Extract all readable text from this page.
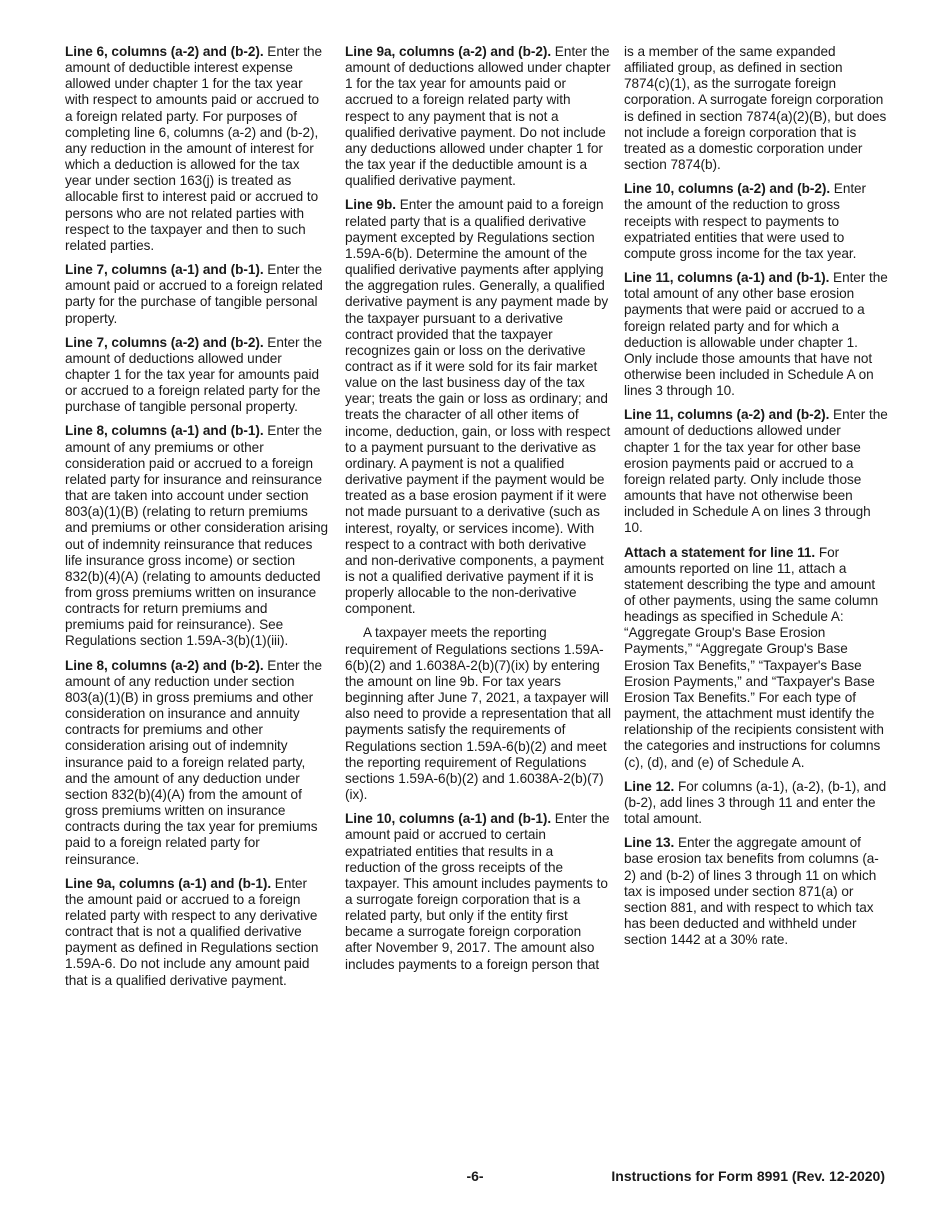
Line 6, columns (a-2) and (b-2). Enter the amount of deductible interest expense allowed under chapter 1 for the tax year with respect to amounts paid or accrued to a foreign related party. For purposes of completing line 6, columns (a-2) and (b-2), any reduction in the amount of interest for which a deduction is allowed for the tax year under section 163(j) is treated as allocable first to interest paid or accrued to persons who are not related parties with respect to the taxpayer and then to such related parties.

Line 7, columns (a-1) and (b-1). Enter the amount paid or accrued to a foreign related party for the purchase of tangible personal property.

Line 7, columns (a-2) and (b-2). Enter the amount of deductions allowed under chapter 1 for the tax year for amounts paid or accrued to a foreign related party for the purchase of tangible personal property.

Line 8, columns (a-1) and (b-1). Enter the amount of any premiums or other consideration paid or accrued to a foreign related party for insurance and reinsurance that are taken into account under section 803(a)(1)(B) (relating to return premiums and premiums or other consideration arising out of indemnity reinsurance that reduces life insurance gross income) or section 832(b)(4)(A) (relating to amounts deducted from gross premiums written on insurance contracts for return premiums and premiums paid for reinsurance). See Regulations section 1.59A-3(b)(1)(iii).

Line 8, columns (a-2) and (b-2). Enter the amount of any reduction under section 803(a)(1)(B) in gross premiums and other consideration on insurance and annuity contracts for premiums and other consideration arising out of indemnity insurance paid to a foreign related party, and the amount of any deduction under section 832(b)(4)(A) from the amount of gross premiums written on insurance contracts during the tax year for premiums paid to a foreign related party for reinsurance.

Line 9a, columns (a-1) and (b-1). Enter the amount paid or accrued to a foreign related party with respect to any derivative contract that is not a qualified derivative payment as defined in Regulations section 1.59A-6. Do not include any amount paid that is a qualified derivative payment.

Line 9a, columns (a-2) and (b-2). Enter the amount of deductions allowed under chapter 1 for the tax year for amounts paid or accrued to a foreign related party with respect to any payment that is not a qualified derivative payment. Do not include any deductions allowed under chapter 1 for the tax year if the deductible amount is a qualified derivative payment.

Line 9b. Enter the amount paid to a foreign related party that is a qualified derivative payment excepted by Regulations section 1.59A-6(b). Determine the amount of the qualified derivative payments after applying the aggregation rules. Generally, a qualified derivative payment is any payment made by the taxpayer pursuant to a derivative contract provided that the taxpayer recognizes gain or loss on the derivative contract as if it were sold for its fair market value on the last business day of the tax year; treats the gain or loss as ordinary; and treats the character of all other items of income, deduction, gain, or loss with respect to a payment pursuant to the derivative as ordinary. A payment is not a qualified derivative payment if the payment would be treated as a base erosion payment if it were not made pursuant to a derivative (such as interest, royalty, or services income). With respect to a contract with both derivative and non-derivative components, a payment is not a qualified derivative payment if it is properly allocable to the non-derivative component.

A taxpayer meets the reporting requirement of Regulations sections 1.59A-6(b)(2) and 1.6038A-2(b)(7)(ix) by entering the amount on line 9b. For tax years beginning after June 7, 2021, a taxpayer will also need to provide a representation that all payments satisfy the requirements of Regulations section 1.59A-6(b)(2) and meet the reporting requirement of Regulations sections 1.59A-6(b)(2) and 1.6038A-2(b)(7)(ix).

Line 10, columns (a-1) and (b-1). Enter the amount paid or accrued to certain expatriated entities that results in a reduction of the gross receipts of the taxpayer. This amount includes payments to a surrogate foreign corporation that is a related party, but only if the entity first became a surrogate foreign corporation after November 9, 2017. The amount also includes payments to a foreign person that

is a member of the same expanded affiliated group, as defined in section 7874(c)(1), as the surrogate foreign corporation. A surrogate foreign corporation is defined in section 7874(a)(2)(B), but does not include a foreign corporation that is treated as a domestic corporation under section 7874(b).

Line 10, columns (a-2) and (b-2). Enter the amount of the reduction to gross receipts with respect to payments to expatriated entities that were used to compute gross income for the tax year.

Line 11, columns (a-1) and (b-1). Enter the total amount of any other base erosion payments that were paid or accrued to a foreign related party and for which a deduction is allowable under chapter 1. Only include those amounts that have not otherwise been included in Schedule A on lines 3 through 10.

Line 11, columns (a-2) and (b-2). Enter the amount of deductions allowed under chapter 1 for the tax year for other base erosion payments paid or accrued to a foreign related party. Only include those amounts that have not otherwise been included in Schedule A on lines 3 through 10.

Attach a statement for line 11. For amounts reported on line 11, attach a statement describing the type and amount of other payments, using the same column headings as specified in Schedule A: “Aggregate Group's Base Erosion Payments,” “Aggregate Group's Base Erosion Tax Benefits,” “Taxpayer's Base Erosion Payments,” and “Taxpayer's Base Erosion Tax Benefits.” For each type of payment, the attachment must identify the relationship of the recipients consistent with the categories and instructions for columns (c), (d), and (e) of Schedule A.

Line 12. For columns (a-1), (a-2), (b-1), and (b-2), add lines 3 through 11 and enter the total amount.

Line 13. Enter the aggregate amount of base erosion tax benefits from columns (a-2) and (b-2) of lines 3 through 11 on which tax is imposed under section 871(a) or section 881, and with respect to which tax has been deducted and withheld under section 1442 at a 30% rate.

-6-	Instructions for Form 8991 (Rev. 12-2020)
